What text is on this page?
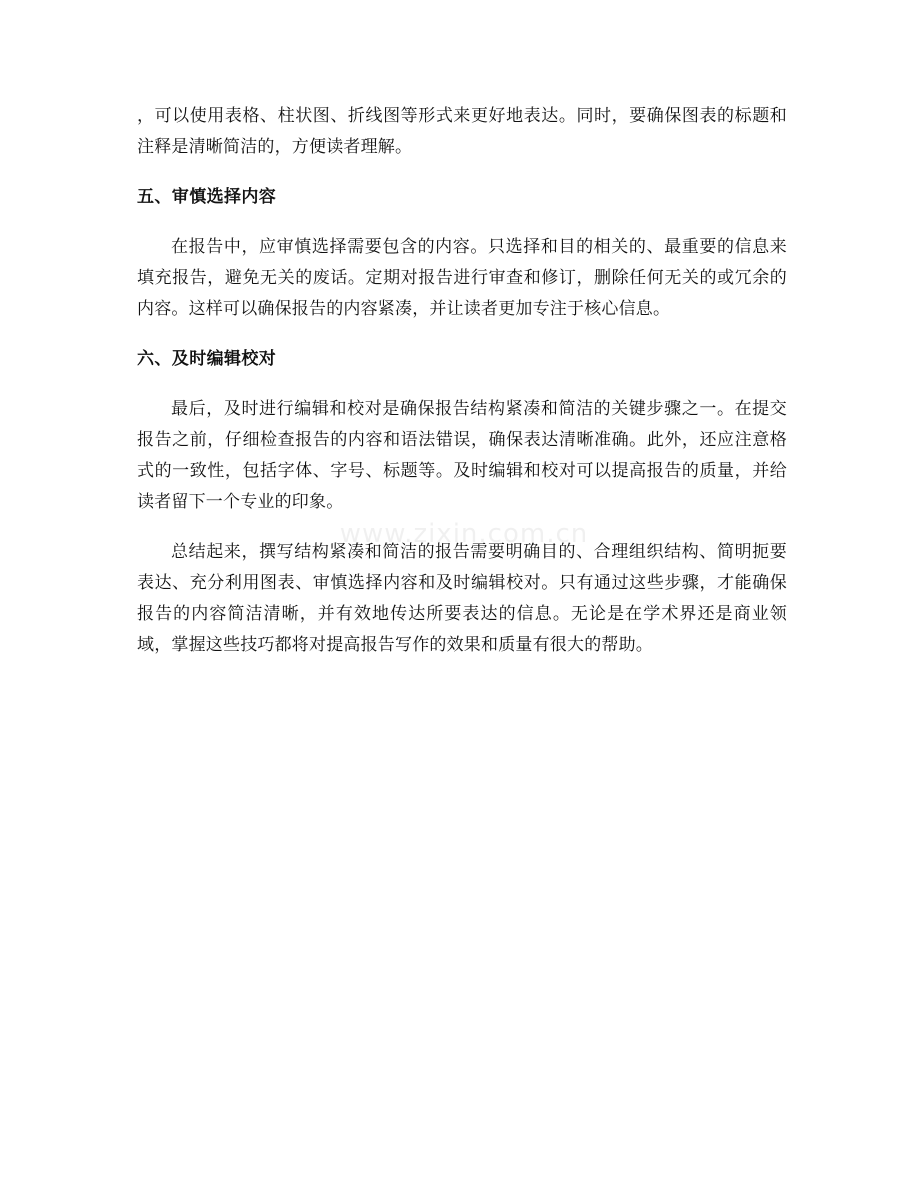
，可以使用表格、柱状图、折线图等形式来更好地表达。同时，要确保图表的标题和注释是清晰简洁的，方便读者理解。

五、审慎选择内容

在报告中，应审慎选择需要包含的内容。只选择和目的相关的、最重要的信息来填充报告，避免无关的废话。定期对报告进行审查和修订，删除任何无关的或冗余的内容。这样可以确保报告的内容紧凑，并让读者更加专注于核心信息。

六、及时编辑校对

最后，及时进行编辑和校对是确保报告结构紧凑和简洁的关键步骤之一。在提交报告之前，仔细检查报告的内容和语法错误，确保表达清晰准确。此外，还应注意格式的一致性，包括字体、字号、标题等。及时编辑和校对可以提高报告的质量，并给读者留下一个专业的印象。

总结起来，撰写结构紧凑和简洁的报告需要明确目的、合理组织结构、简明扼要表达、充分利用图表、审慎选择内容和及时编辑校对。只有通过这些步骤，才能确保报告的内容简洁清晰，并有效地传达所要表达的信息。无论是在学术界还是商业领域，掌握这些技巧都将对提高报告写作的效果和质量有很大的帮助。

www.zixin.com.cn
